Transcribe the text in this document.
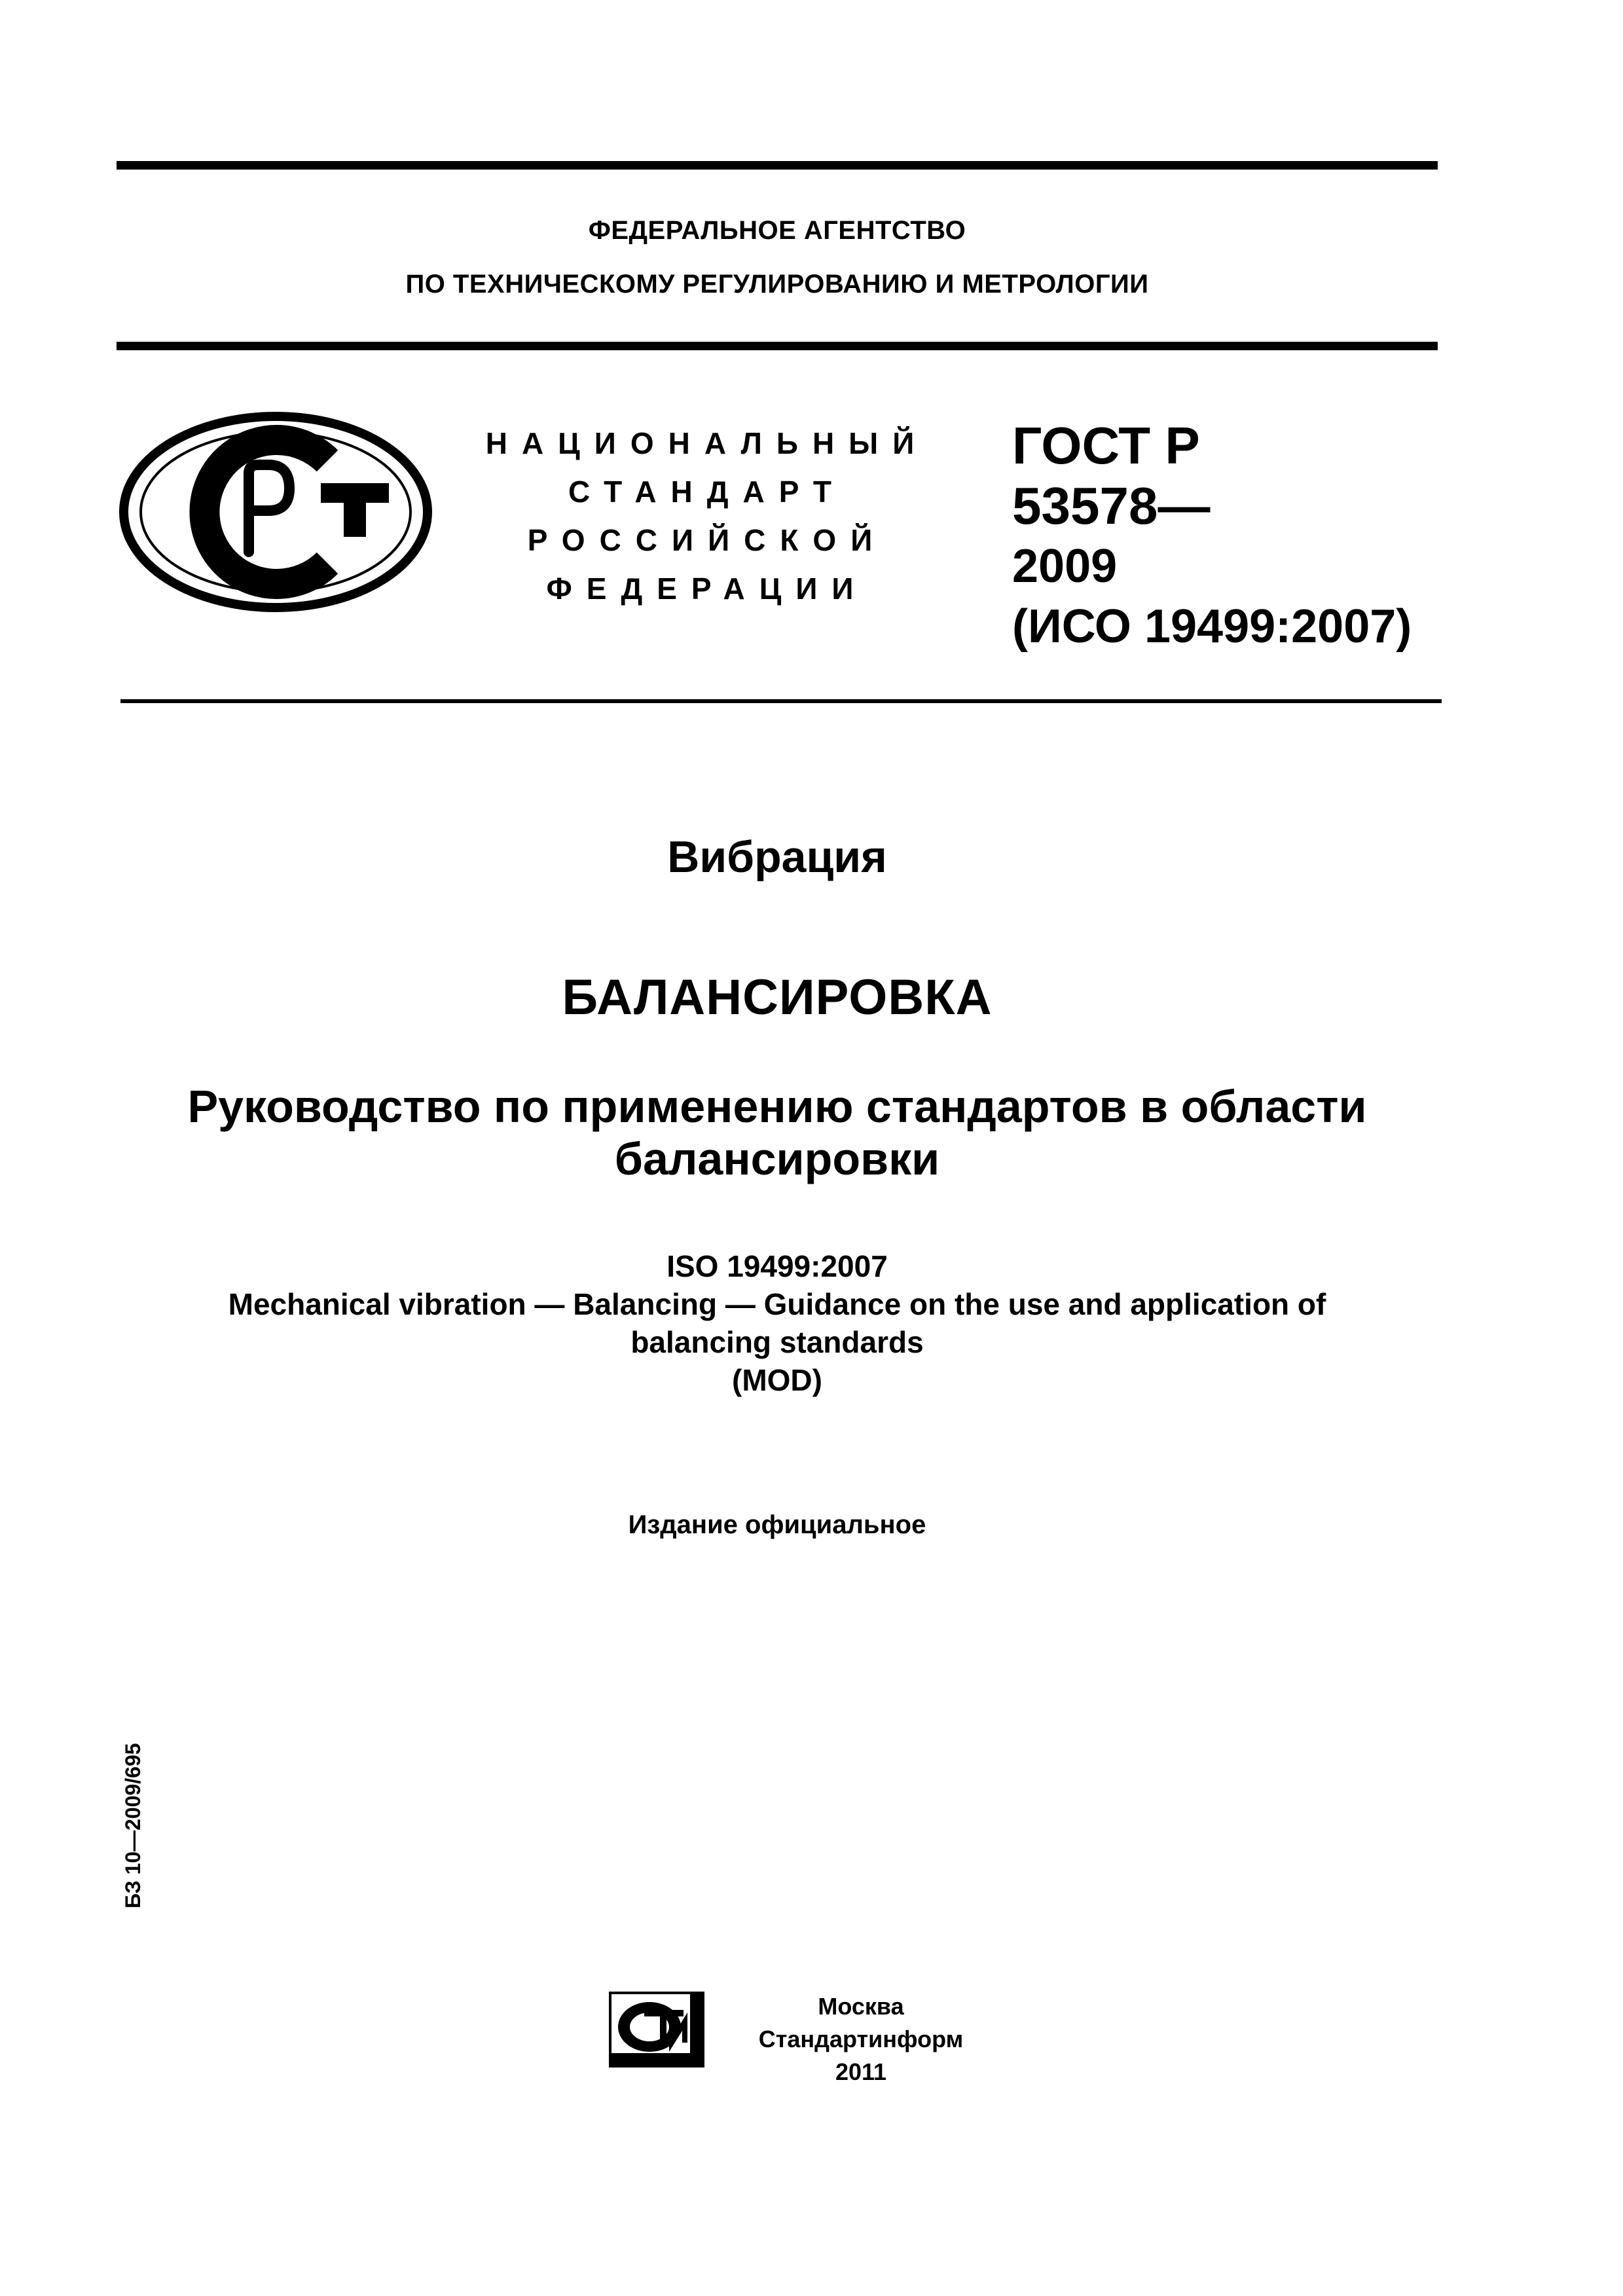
ФЕДЕРАЛЬНОЕ АГЕНТСТВО
ПО ТЕХНИЧЕСКОМУ РЕГУЛИРОВАНИЮ И МЕТРОЛОГИИ
НАЦИОНАЛЬНЫЙ
СТАНДАРТ
РОССИЙСКОЙ
ФЕДЕРАЦИИ
ГОСТ Р
53578—
2009
(ИСО 19499:2007)
Вибрация
БАЛАНСИРОВКА
Руководство по применению стандартов в области
балансировки
ISO 19499:2007
Mechanical vibration — Balancing — Guidance on the use and application of
balancing standards
(MOD)
Издание официальное
БЗ 10—2009/695
Москва
Стандартинформ
2011
